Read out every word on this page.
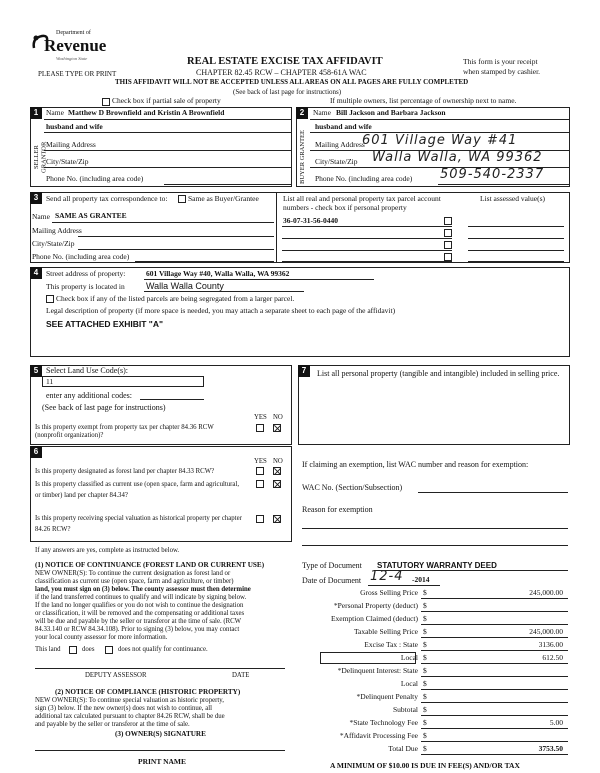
Department of
Revenue
Washington State
PLEASE TYPE OR PRINT
REAL ESTATE EXCISE TAX AFFIDAVIT
CHAPTER 82.45 RCW – CHAPTER 458-61A WAC
THIS AFFIDAVIT WILL NOT BE ACCEPTED UNLESS ALL AREAS ON ALL PAGES ARE FULLY COMPLETED
(See back of last page for instructions)
This form is your receipt
when stamped by cashier.
Check box if partial sale of property	If multiple owners, list percentage of ownership next to name.
1
SELLER GRANTOR
Name Matthew D Brownfield and Kristin A Brownfield
husband and wife
Mailing Address
City/State/Zip
Phone No. (including area code)
2
BUYER GRANTEE
Name Bill Jackson and Barbara Jackson
husband and wife
Mailing Address
601 Village Way #41
City/State/Zip Walla Walla, WA 99362
Phone No. (including area code) 509-540-2337
3	Send all property tax correspondence to:	Same as Buyer/Grantee
Name SAME AS GRANTEE
Mailing Address
City/State/Zip
Phone No. (including area code)
List all real and personal property tax parcel account numbers - check box if personal property
List assessed value(s)
36-07-31-56-0440
4	Street address of property:	601 Village Way #40, Walla Walla, WA 99362
This property is located in Walla Walla County
Check box if any of the listed parcels are being segregated from a larger parcel.
Legal description of property (if more space is needed, you may attach a separate sheet to each page of the affidavit)
SEE ATTACHED EXHIBIT "A"
5 Select Land Use Code(s):
11
enter any additional codes:
(See back of last page for instructions)
YES NO
Is this property exempt from property tax per chapter 84.36 RCW (nonprofit organization)?
6
YES NO
Is this property designated as forest land per chapter 84.33 RCW?
Is this property classified as current use (open space, farm and agricultural, or timber) land per chapter 84.34?
Is this property receiving special valuation as historical property per chapter 84.26 RCW?
If any answers are yes, complete as instructed below.
(1) NOTICE OF CONTINUANCE (FOREST LAND OR CURRENT USE)
NEW OWNER(S): To continue the current designation as forest land or
classification as current use (open space, farm and agriculture, or timber)
land, you must sign on (3) below. The county assessor must then determine
if the land transferred continues to qualify and will indicate by signing below.
If the land no longer qualifies or you do not wish to continue the designation
or classification, it will be removed and the compensating or additional taxes
will be due and payable by the seller or transferor at the time of sale. (RCW
84.33.140 or RCW 84.34.108). Prior to signing (3) below, you may contact
your local county assessor for more information.
This land	does	does not qualify for continuance.
DEPUTY ASSESSOR	DATE
(2) NOTICE OF COMPLIANCE (HISTORIC PROPERTY)
NEW OWNER(S): To continue special valuation as historic property,
sign (3) below. If the new owner(s) does not wish to continue, all
additional tax calculated pursuant to chapter 84.26 RCW, shall be due
and payable by the seller or transferor at the time of sale.
(3) OWNER(S) SIGNATURE
PRINT NAME
7	List all personal property (tangible and intangible) included in selling price.
If claiming an exemption, list WAC number and reason for exemption:
WAC No. (Section/Subsection)
Reason for exemption
Type of Document STATUTORY WARRANTY DEED
Date of Document 12-4 -2014
Gross Selling Price $	245,000.00
*Personal Property (deduct) $
Exemption Claimed (deduct) $
Taxable Selling Price $	245,000.00
Excise Tax : State $	3136.00
Local $	612.50
*Delinquent Interest: State $
Local $
*Delinquent Penalty $
Subtotal $
*State Technology Fee $	5.00
*Affidavit Processing Fee $
Total Due $	3753.50
A MINIMUM OF $10.00 IS DUE IN FEE(S) AND/OR TAX
